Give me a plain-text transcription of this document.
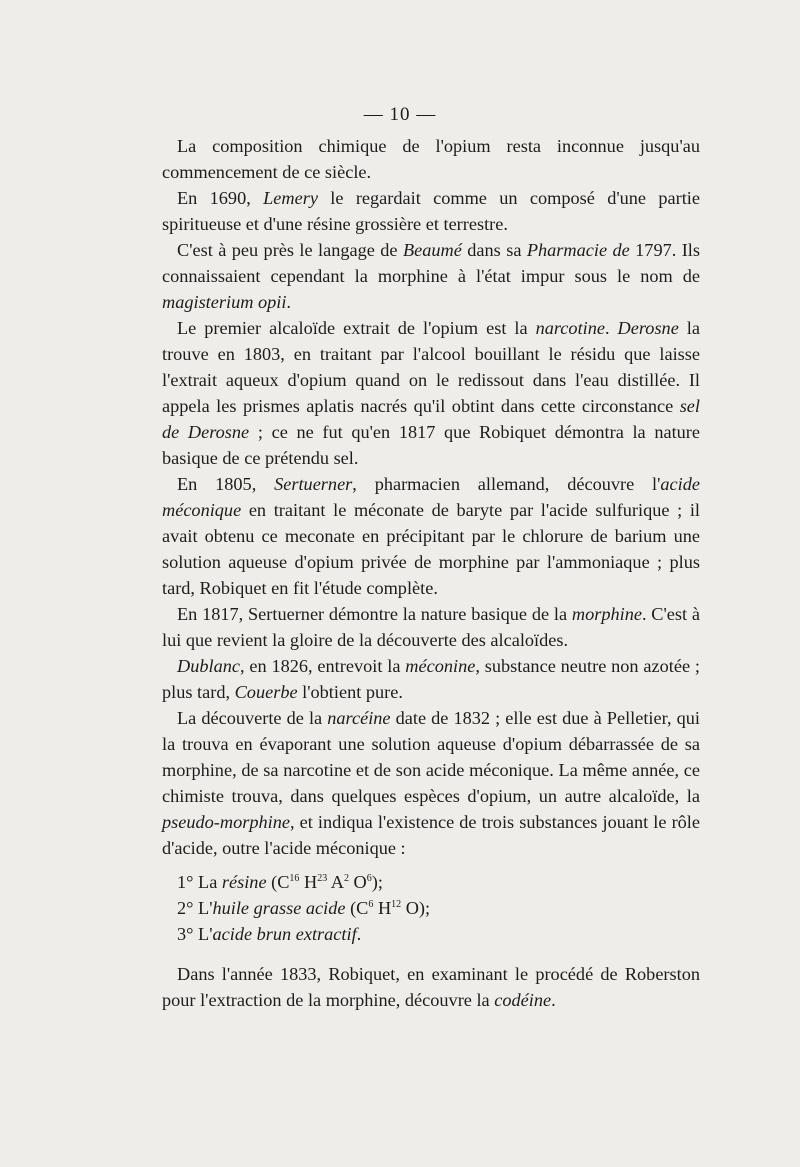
— 10 —

La composition chimique de l'opium resta inconnue jusqu'au commencement de ce siècle.

En 1690, Lemery le regardait comme un composé d'une partie spiritueuse et d'une résine grossière et terrestre.

C'est à peu près le langage de Beaumé dans sa Pharmacie de 1797. Ils connaissaient cependant la morphine à l'état impur sous le nom de magisterium opii.

Le premier alcaloïde extrait de l'opium est la narcotine. Derosne la trouve en 1803, en traitant par l'alcool bouillant le résidu que laisse l'extrait aqueux d'opium quand on le redissout dans l'eau distillée. Il appela les prismes aplatis nacrés qu'il obtint dans cette circonstance sel de Derosne ; ce ne fut qu'en 1817 que Robiquet démontra la nature basique de ce prétendu sel.

En 1805, Sertuerner, pharmacien allemand, découvre l'acide méconique en traitant le méconate de baryte par l'acide sulfurique ; il avait obtenu ce meconate en précipitant par le chlorure de barium une solution aqueuse d'opium privée de morphine par l'ammoniaque ; plus tard, Robiquet en fit l'étude complète.

En 1817, Sertuerner démontre la nature basique de la morphine. C'est à lui que revient la gloire de la découverte des alcaloïdes.

Dublanc, en 1826, entrevoit la méconine, substance neutre non azotée ; plus tard, Couerbe l'obtient pure.

La découverte de la narcéine date de 1832 ; elle est due à Pelletier, qui la trouva en évaporant une solution aqueuse d'opium débarrassée de sa morphine, de sa narcotine et de son acide méconique. La même année, ce chimiste trouva, dans quelques espèces d'opium, un autre alcaloïde, la pseudo-morphine, et indiqua l'existence de trois substances jouant le rôle d'acide, outre l'acide méconique :

1° La résine ($C^{16}$ $H^{23}$ $A^2$ $O^6$);

2° L'huile grasse acide ($C^6$ $H^{12}$ O);

3° L'acide brun extractif.

Dans l'année 1833, Robiquet, en examinant le procédé de Roberston pour l'extraction de la morphine, découvre la codéine.
